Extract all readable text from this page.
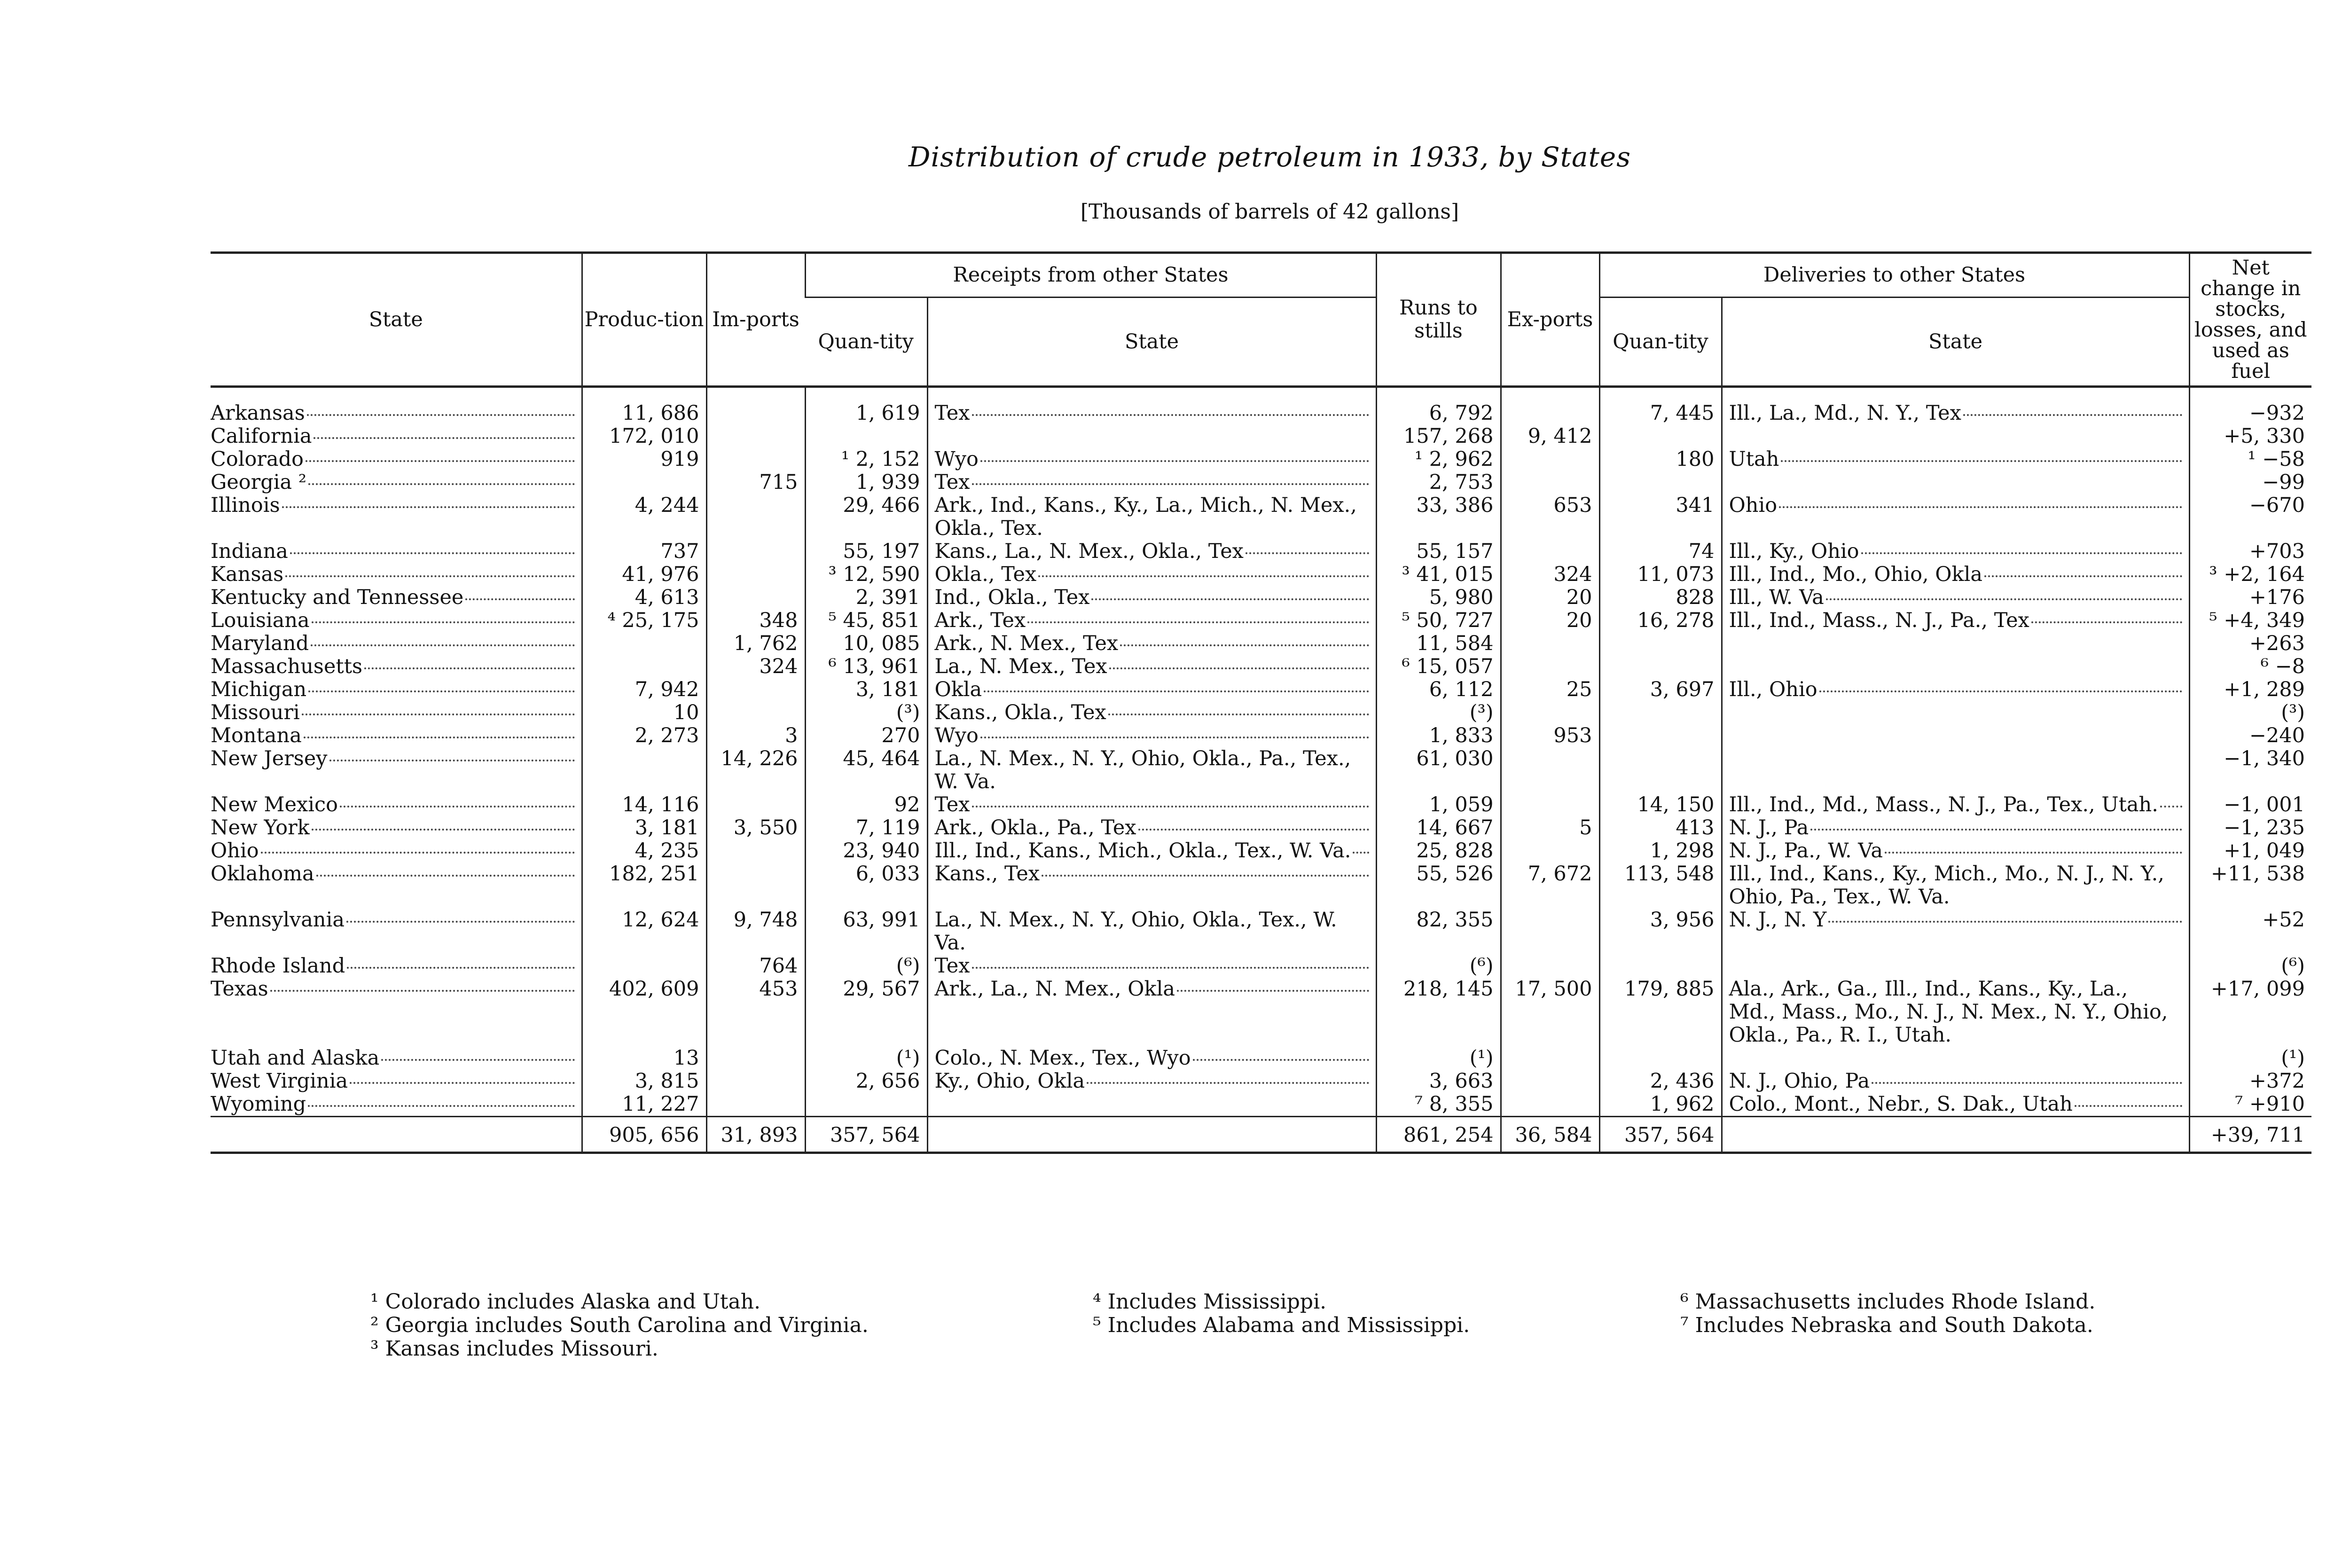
Distribution of crude petroleum in 1933, by States
[Thousands of barrels of 42 gallons]
State	Produc-tion	Im-ports	Receipts from other States		Runs to stills	Ex-ports	Deliveries to other States		Net change in stocks, losses, and used as fuel
			Quan-tity	State			Quan-tity	State	

Arkansas	11, 686		1, 619	Tex	6, 792		7, 445	Ill., La., Md., N. Y., Tex	−932

California	172, 010				157, 268	9, 412			+5, 330

Colorado	919		¹ 2, 152	Wyo	¹ 2, 962		180	Utah	¹ −58

Georgia ²		715	1, 939	Tex	2, 753				−99

Illinois	4, 244		29, 466	Ark., Ind., Kans., Ky., La., Mich., N. Mex., Okla., Tex.	33, 386	653	341	Ohio	−670

Indiana	737		55, 197	Kans., La., N. Mex., Okla., Tex	55, 157		74	Ill., Ky., Ohio	+703

Kansas	41, 976		³ 12, 590	Okla., Tex	³ 41, 015	324	11, 073	Ill., Ind., Mo., Ohio, Okla	³ +2, 164

Kentucky and Tennessee	4, 613		2, 391	Ind., Okla., Tex	5, 980	20	828	Ill., W. Va	+176

Louisiana	⁴ 25, 175	348	⁵ 45, 851	Ark., Tex	⁵ 50, 727	20	16, 278	Ill., Ind., Mass., N. J., Pa., Tex	⁵ +4, 349

Maryland		1, 762	10, 085	Ark., N. Mex., Tex	11, 584				+263

Massachusetts		324	⁶ 13, 961	La., N. Mex., Tex	⁶ 15, 057				⁶ −8

Michigan	7, 942		3, 181	Okla	6, 112	25	3, 697	Ill., Ohio	+1, 289

Missouri	10		(³)	Kans., Okla., Tex	(³)				(³)

Montana	2, 273	3	270	Wyo	1, 833	953			−240

New Jersey		14, 226	45, 464	La., N. Mex., N. Y., Ohio, Okla., Pa., Tex., W. Va.	61, 030				−1, 340

New Mexico	14, 116		92	Tex	1, 059		14, 150	Ill., Ind., Md., Mass., N. J., Pa., Tex., Utah.	−1, 001

New York	3, 181	3, 550	7, 119	Ark., Okla., Pa., Tex	14, 667	5	413	N. J., Pa	−1, 235

Ohio	4, 235		23, 940	Ill., Ind., Kans., Mich., Okla., Tex., W. Va.	25, 828		1, 298	N. J., Pa., W. Va	+1, 049

Oklahoma	182, 251		6, 033	Kans., Tex	55, 526	7, 672	113, 548	Ill., Ind., Kans., Ky., Mich., Mo., N. J., N. Y., Ohio, Pa., Tex., W. Va.	+11, 538

Pennsylvania	12, 624	9, 748	63, 991	La., N. Mex., N. Y., Ohio, Okla., Tex., W. Va.	82, 355		3, 956	N. J., N. Y	+52

Rhode Island		764	(⁶)	Tex	(⁶)				(⁶)

Texas	402, 609	453	29, 567	Ark., La., N. Mex., Okla	218, 145	17, 500	179, 885	Ala., Ark., Ga., Ill., Ind., Kans., Ky., La., Md., Mass., Mo., N. J., N. Mex., N. Y., Ohio, Okla., Pa., R. I., Utah.	+17, 099

Utah and Alaska	13		(¹)	Colo., N. Mex., Tex., Wyo	(¹)				(¹)

West Virginia	3, 815		2, 656	Ky., Ohio, Okla	3, 663		2, 436	N. J., Ohio, Pa	+372

Wyoming	11, 227				⁷ 8, 355		1, 962	Colo., Mont., Nebr., S. Dak., Utah	⁷ +910
	905, 656	31, 893	357, 564		861, 254	36, 584	357, 564		+39, 711
¹ Colorado includes Alaska and Utah.
² Georgia includes South Carolina and Virginia.
³ Kansas includes Missouri.
⁴ Includes Mississippi.
⁵ Includes Alabama and Mississippi.
⁶ Massachusetts includes Rhode Island.
⁷ Includes Nebraska and South Dakota.
